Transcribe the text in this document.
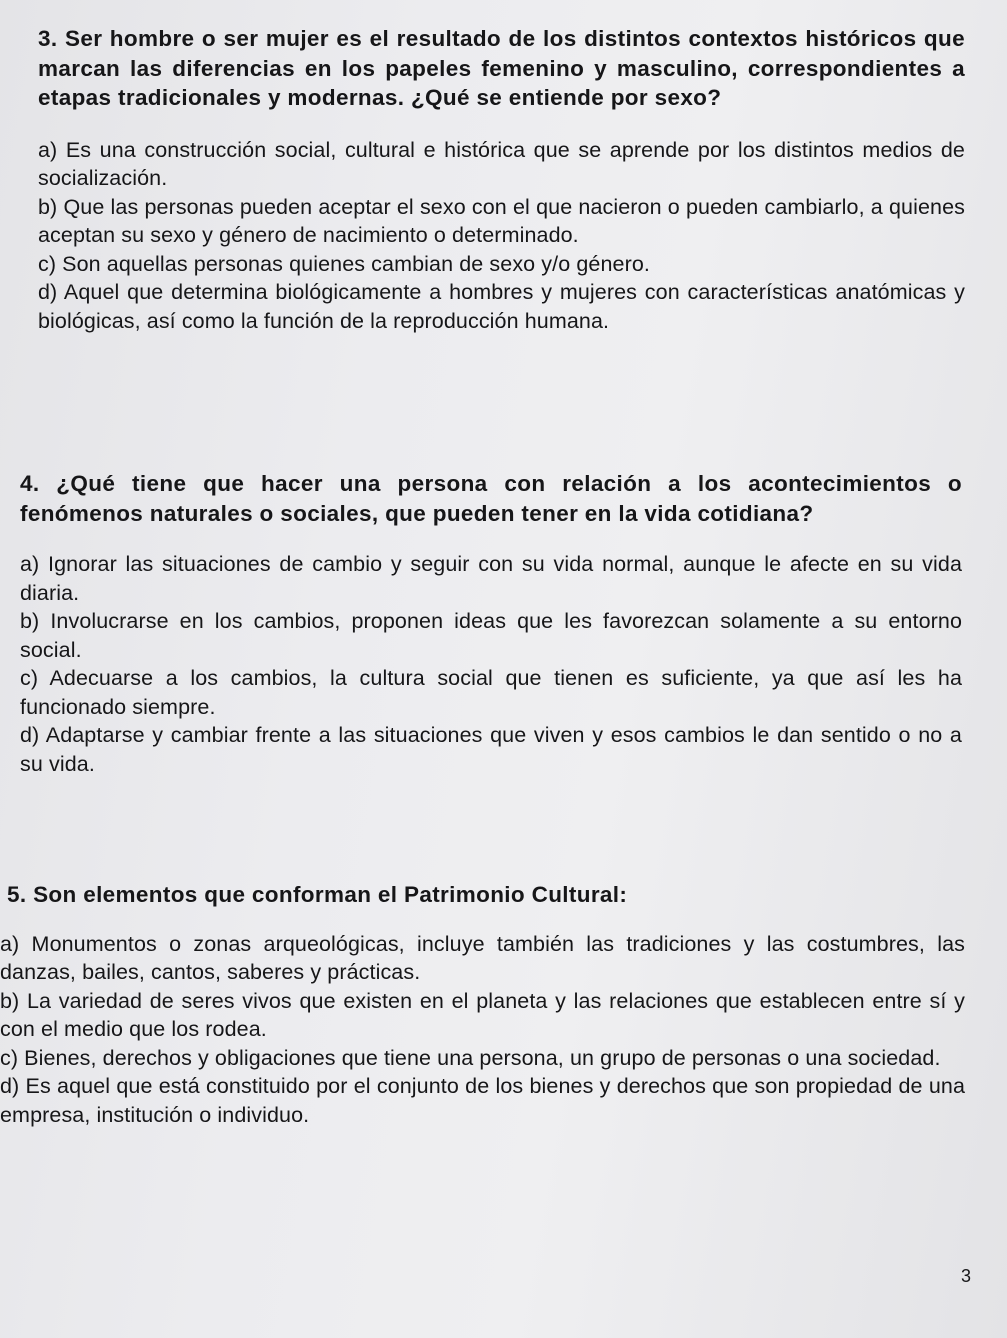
3. Ser hombre o ser mujer es el resultado de los distintos contextos históricos que marcan las diferencias en los papeles femenino y masculino, correspondientes a etapas tradicionales y modernas. ¿Qué se entiende por sexo?

a) Es una construcción social, cultural e histórica que se aprende por los distintos medios de socialización.

b) Que las personas pueden aceptar el sexo con el que nacieron o pueden cambiarlo, a quienes aceptan su sexo y género de nacimiento o determinado.

c) Son aquellas personas quienes cambian de sexo y/o género.

d) Aquel que determina biológicamente a hombres y mujeres con características anatómicas y biológicas, así como la función de la reproducción humana.

4. ¿Qué tiene que hacer una persona con relación a los acontecimientos o fenómenos naturales o sociales, que pueden tener en la vida cotidiana?

a) Ignorar las situaciones de cambio y seguir con su vida normal, aunque le afecte en su vida diaria.

b) Involucrarse en los cambios, proponen ideas que les favorezcan solamente a su entorno social.

c) Adecuarse a los cambios, la cultura social que tienen es suficiente, ya que así les ha funcionado siempre.

d) Adaptarse y cambiar frente a las situaciones que viven y esos cambios le dan sentido o no a su vida.

5. Son elementos que conforman el Patrimonio Cultural:

a) Monumentos o zonas arqueológicas, incluye también las tradiciones y las costumbres, las danzas, bailes, cantos, saberes y prácticas.

b) La variedad de seres vivos que existen en el planeta y las relaciones que establecen entre sí y con el medio que los rodea.

c) Bienes, derechos y obligaciones que tiene una persona, un grupo de personas o una sociedad.

d) Es aquel que está constituido por el conjunto de los bienes y derechos que son propiedad de una empresa, institución o individuo.

3
